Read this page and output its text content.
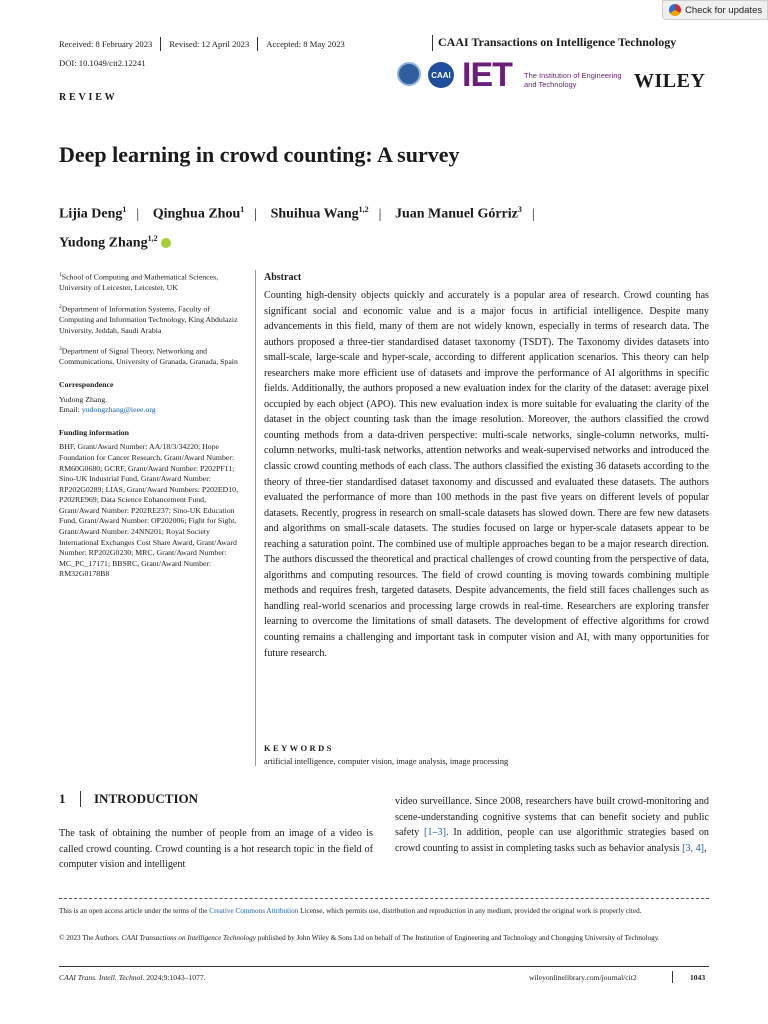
Check for updates
Received: 8 February 2023 Revised: 12 April 2023 Accepted: 8 May 2023	CAAI Transactions on Intelligence Technology
DOI: 10.1049/cit2.12241
REVIEW
CAAI IET The Institution of Engineering and Technology	WILEY
Deep learning in crowd counting: A survey
Lijia Deng$^1$ | Qinghua Zhou$^1$ | Shuihua Wang$^{1,2}$ | Juan Manuel Górriz$^3$ |
Yudong Zhang$^{1,2}$

$^1$School of Computing and Mathematical Sciences, University of Leicester, Leicester, UK

$^2$Department of Information Systems, Faculty of Computing and Information Technology, King Abdulaziz University, Jeddah, Saudi Arabia

$^3$Department of Signal Theory, Networking and Communications, University of Granada, Granada, Spain

Correspondence
Yudong Zhang.
Email: yudongzhang@ieee.org
Funding information
BHF, Grant/Award Number: AA/18/3/34220; Hope Foundation for Cancer Research, Grant/Award Number: RM60G0680; GCRF, Grant/Award Number: P202PF11; Sino-UK Industrial Fund, Grant/Award Number: RP202G0289; LIAS, Grant/Award Numbers: P202ED10, P202RE969; Data Science Enhancement Fund, Grant/Award Number: P202RE237; Sino-UK Education Fund, Grant/Award Number: OP202006; Fight for Sight, Grant/Award Number: 24NN201; Royal Society International Exchanges Cost Share Award, Grant/Award Number: RP202G0230; MRC, Grant/Award Number: MC_PC_17171; BBSRC, Grant/Award Number: RM32G0178B8
Abstract
Counting high-density objects quickly and accurately is a popular area of research. Crowd counting has significant social and economic value and is a major focus in artificial intelligence. Despite many advancements in this field, many of them are not widely known, especially in terms of research data. The authors proposed a three-tier standardised dataset taxonomy (TSDT). The Taxonomy divides datasets into small-scale, large-scale and hyper-scale, according to different application scenarios. This theory can help researchers make more efficient use of datasets and improve the performance of AI algorithms in specific fields. Additionally, the authors proposed a new evaluation index for the clarity of the dataset: average pixel occupied by each object (APO). This new evaluation index is more suitable for evaluating the clarity of the dataset in the object counting task than the image resolution. Moreover, the authors classified the crowd counting methods from a data-driven perspective: multi-scale networks, single-column networks, multi-column networks, multi-task networks, attention networks and weak-supervised networks and introduced the classic crowd counting methods of each class. The authors classified the existing 36 datasets according to the theory of three-tier standardised dataset taxonomy and discussed and evaluated these datasets. The authors evaluated the performance of more than 100 methods in the past five years on different levels of popular datasets. Recently, progress in research on small-scale datasets has slowed down. There are few new datasets and algorithms on small-scale datasets. The studies focused on large or hyper-scale datasets appear to be reaching a saturation point. The combined use of multiple approaches began to be a major research direction. The authors discussed the theoretical and practical challenges of crowd counting from the perspective of data, algorithms and computing resources. The field of crowd counting is moving towards combining multiple methods and requires fresh, targeted datasets. Despite advancements, the field still faces challenges such as handling real-world scenarios and processing large crowds in real-time. Researchers are exploring transfer learning to overcome the limitations of small datasets. The development of effective algorithms for crowd counting remains a challenging and important task in computer vision and AI, with many opportunities for future research.
KEYWORDS
artificial intelligence, computer vision, image analysis, image processing
1 INTRODUCTION
The task of obtaining the number of people from an image of a video is called crowd counting. Crowd counting is a hot research topic in the field of computer vision and intelligent
video surveillance. Since 2008, researchers have built crowd-monitoring and scene-understanding cognitive systems that can benefit society and public safety [1–3]. In addition, people can use algorithmic strategies based on crowd counting to assist in completing tasks such as behavior analysis [3, 4],
This is an open access article under the terms of the Creative Commons Attribution License, which permits use, distribution and reproduction in any medium, provided the original work is properly cited.
© 2023 The Authors. CAAI Transactions on Intelligence Technology published by John Wiley & Sons Ltd on behalf of The Institution of Engineering and Technology and Chongqing University of Technology.
CAAI Trans. Intell. Technol. 2024;9:1043–1077.	wileyonlinelibrary.com/journal/cit2	1043
